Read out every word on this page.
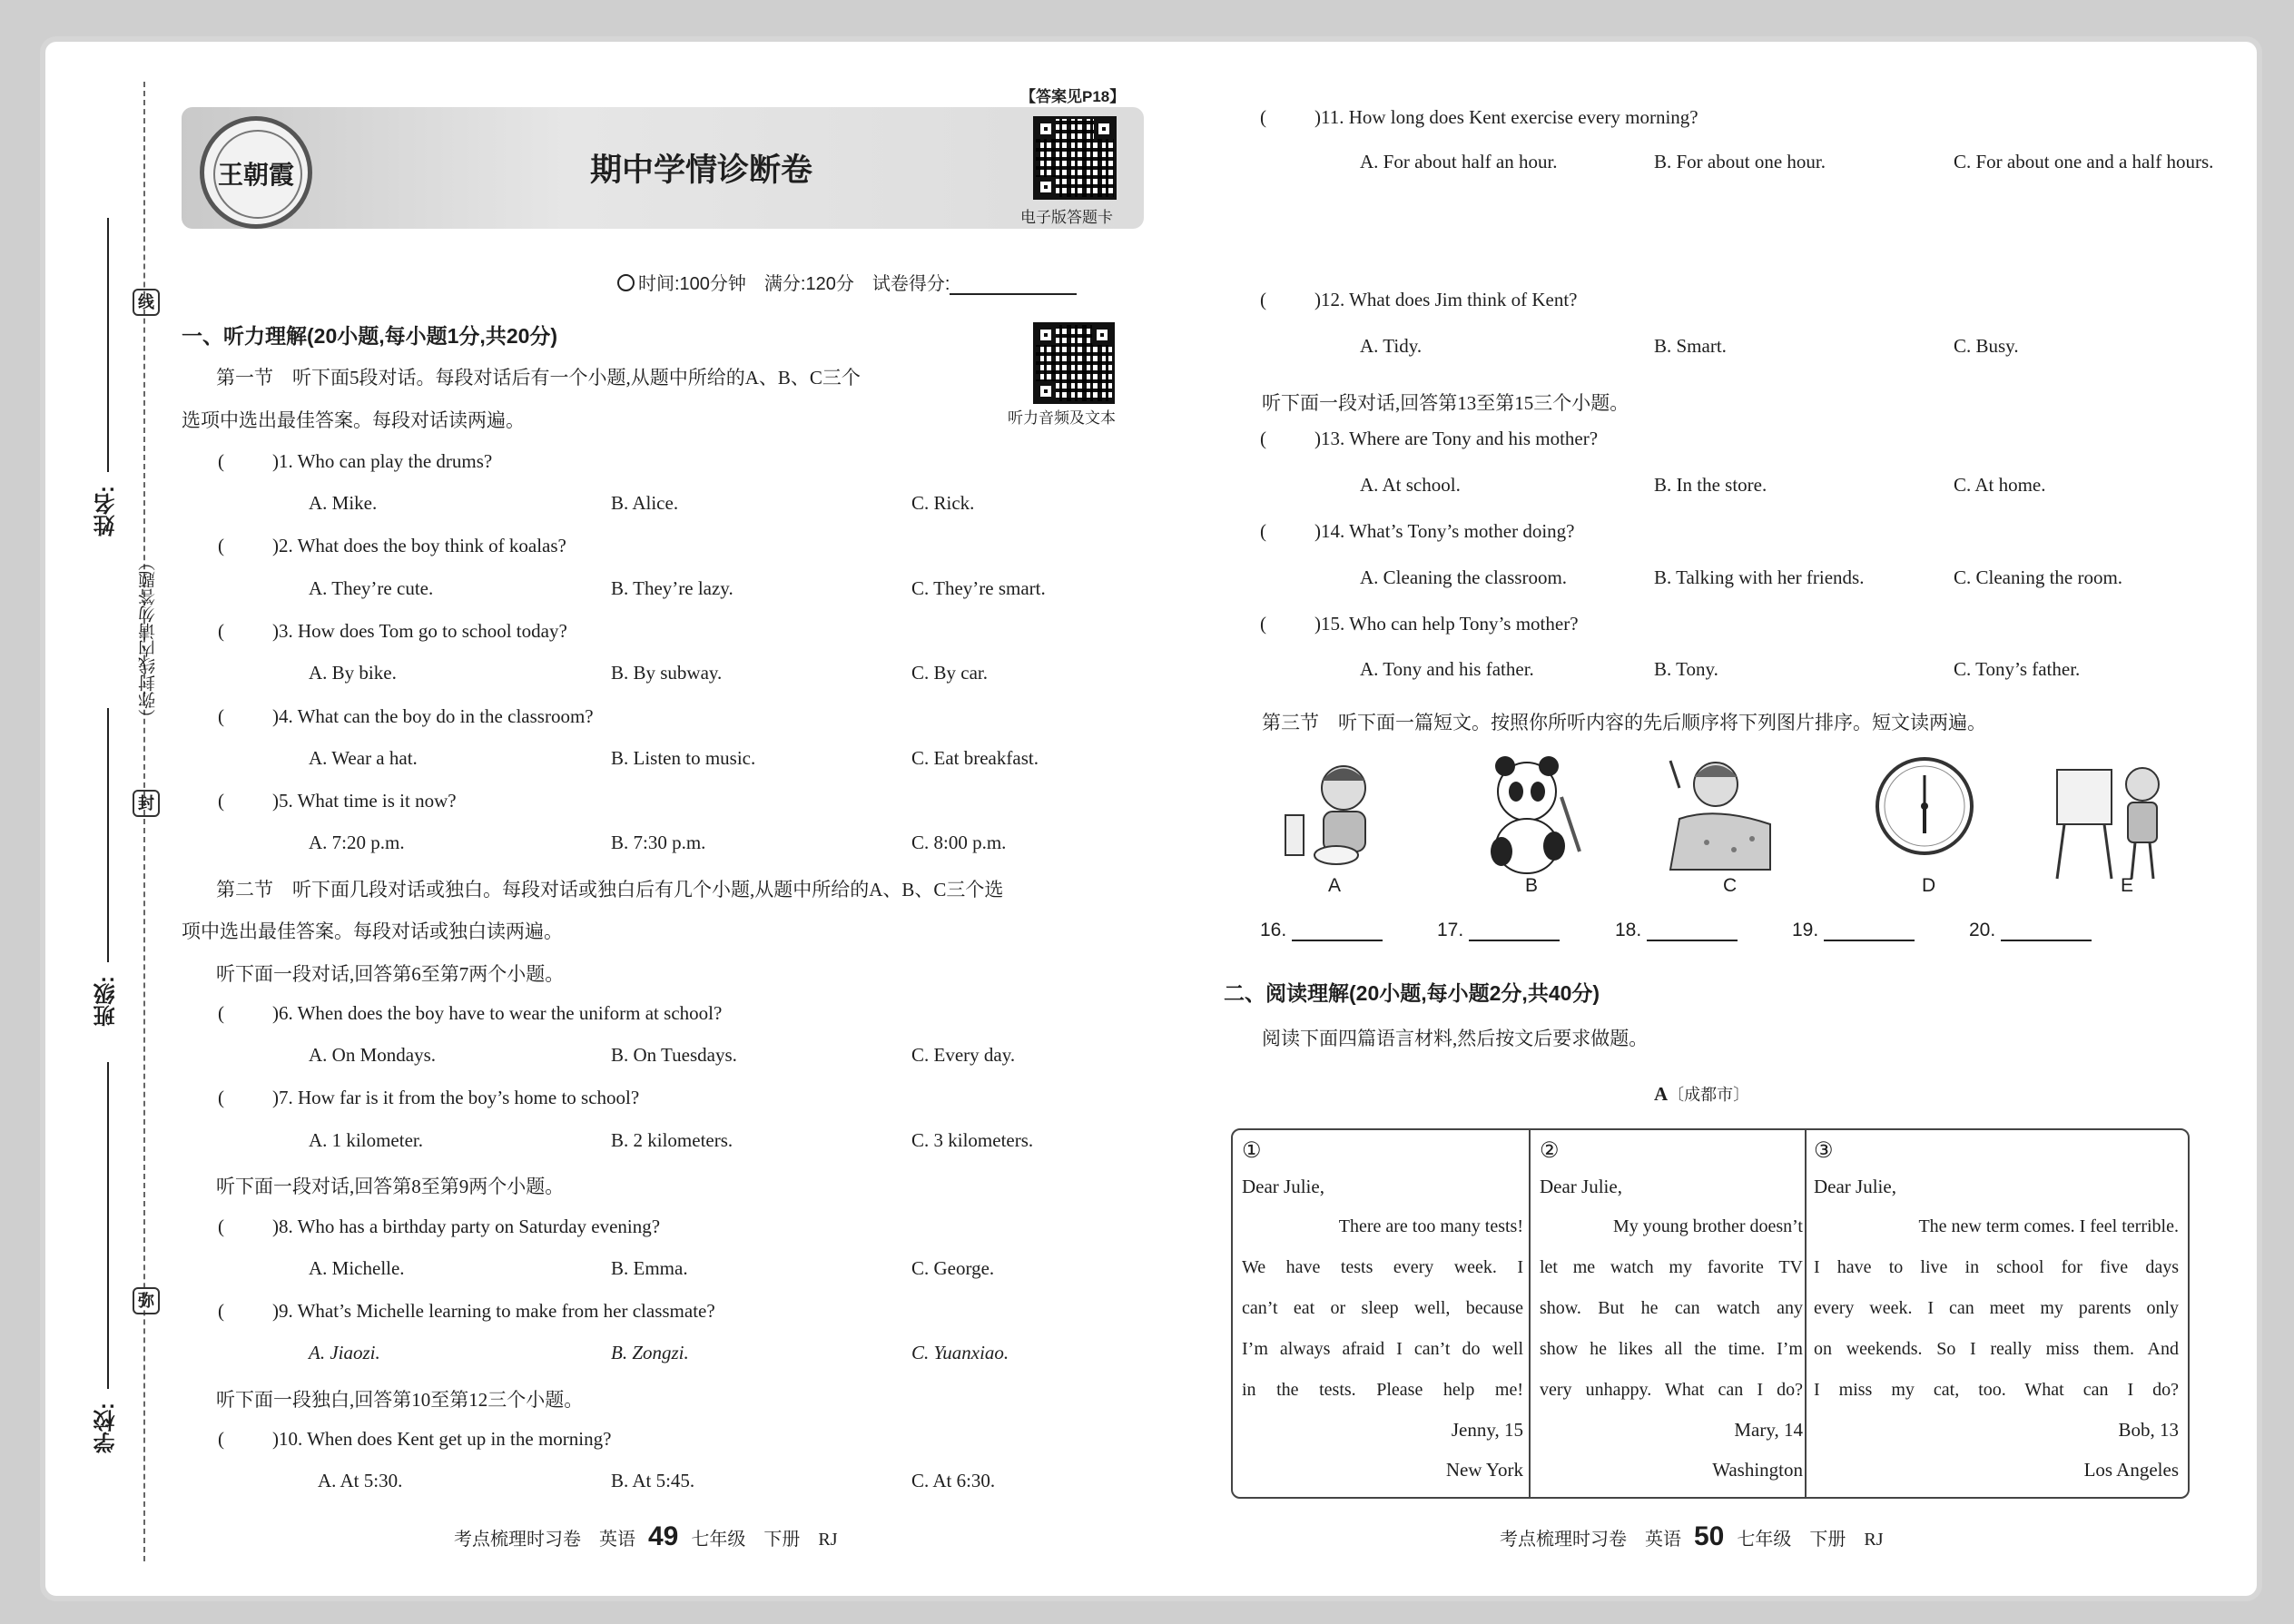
线
封
弥
（弥封线内请勿答题）
姓名:
班级:
学校:
王朝霞	期中学情诊断卷
【答案见P18】
电子版答题卡
时间:100分钟　满分:120分　试卷得分:
一、听力理解(20小题,每小题1分,共20分)
听力音频及文本
第一节　听下面5段对话。每段对话后有一个小题,从题中所给的A、B、C三个
选项中选出最佳答案。每段对话读两遍。
第二节　听下面几段对话或独白。每段对话或独白后有几个小题,从题中所给的A、B、C三个选
项中选出最佳答案。每段对话或独白读两遍。
听下面一段对话,回答第6至第7两个小题。
听下面一段对话,回答第8至第9两个小题。
听下面一段独白,回答第10至第12三个小题。
(	)1. Who can play the drums?
A. Mike.	B. Alice.	C. Rick.
(	)2. What does the boy think of koalas?
A. They’re cute.	B. They’re lazy.	C. They’re smart.
(	)3. How does Tom go to school today?
A. By bike.	B. By subway.	C. By car.
(	)4. What can the boy do in the classroom?
A. Wear a hat.	B. Listen to music.	C. Eat breakfast.
(	)5. What time is it now?
A. 7:20 p.m.	B. 7:30 p.m.	C. 8:00 p.m.
(	)6. When does the boy have to wear the uniform at school?
A. On Mondays.	B. On Tuesdays.	C. Every day.
(	)7. How far is it from the boy’s home to school?
A. 1 kilometer.	B. 2 kilometers.	C. 3 kilometers.
(	)8. Who has a birthday party on Saturday evening?
A. Michelle.	B. Emma.	C. George.
(	)9. What’s Michelle learning to make from her classmate?
A. Jiaozi.	B. Zongzi.	C. Yuanxiao.
(	)10. When does Kent get up in the morning?
A. At 5:30.	B. At 5:45.	C. At 6:30.
(	)11. How long does Kent exercise every morning?
A. For about half an hour.	B. For about one hour.	C. For about one and a half hours.
(	)12. What does Jim think of Kent?
A. Tidy.	B. Smart.	C. Busy.
(	)13. Where are Tony and his mother?
A. At school.	B. In the store.	C. At home.
(	)14. What’s Tony’s mother doing?
A. Cleaning the classroom.	B. Talking with her friends.	C. Cleaning the room.
(	)15. Who can help Tony’s mother?
A. Tony and his father.	B. Tony.	C. Tony’s father.
考点梳理时习卷　英语 49 七年级　下册　RJ
听下面一段对话,回答第13至第15三个小题。
第三节　听下面一篇短文。按照你所听内容的先后顺序将下列图片排序。短文读两遍。
A	B	C	D	E
16.	17.	18.	19.	20.
二、阅读理解(20小题,每小题2分,共40分)
阅读下面四篇语言材料,然后按文后要求做题。
A〔成都市〕
①
Dear Julie,
There are too many tests!
We have tests every week. I
can’t eat or sleep well, because
I’m always afraid I can’t do well
in the tests. Please help me!
Jenny, 15
New York
②
Dear Julie,
My young brother doesn’t
let me watch my favorite TV
show. But he can watch any
show he likes all the time. I’m
very unhappy. What can I do?
Mary, 14
Washington
③
Dear Julie,
The new term comes. I feel terrible.
I have to live in school for five days
every week. I can meet my parents only
on weekends. So I really miss them. And
I miss my cat, too. What can I do?
Bob, 13
Los Angeles
考点梳理时习卷　英语 50 七年级　下册　RJ
